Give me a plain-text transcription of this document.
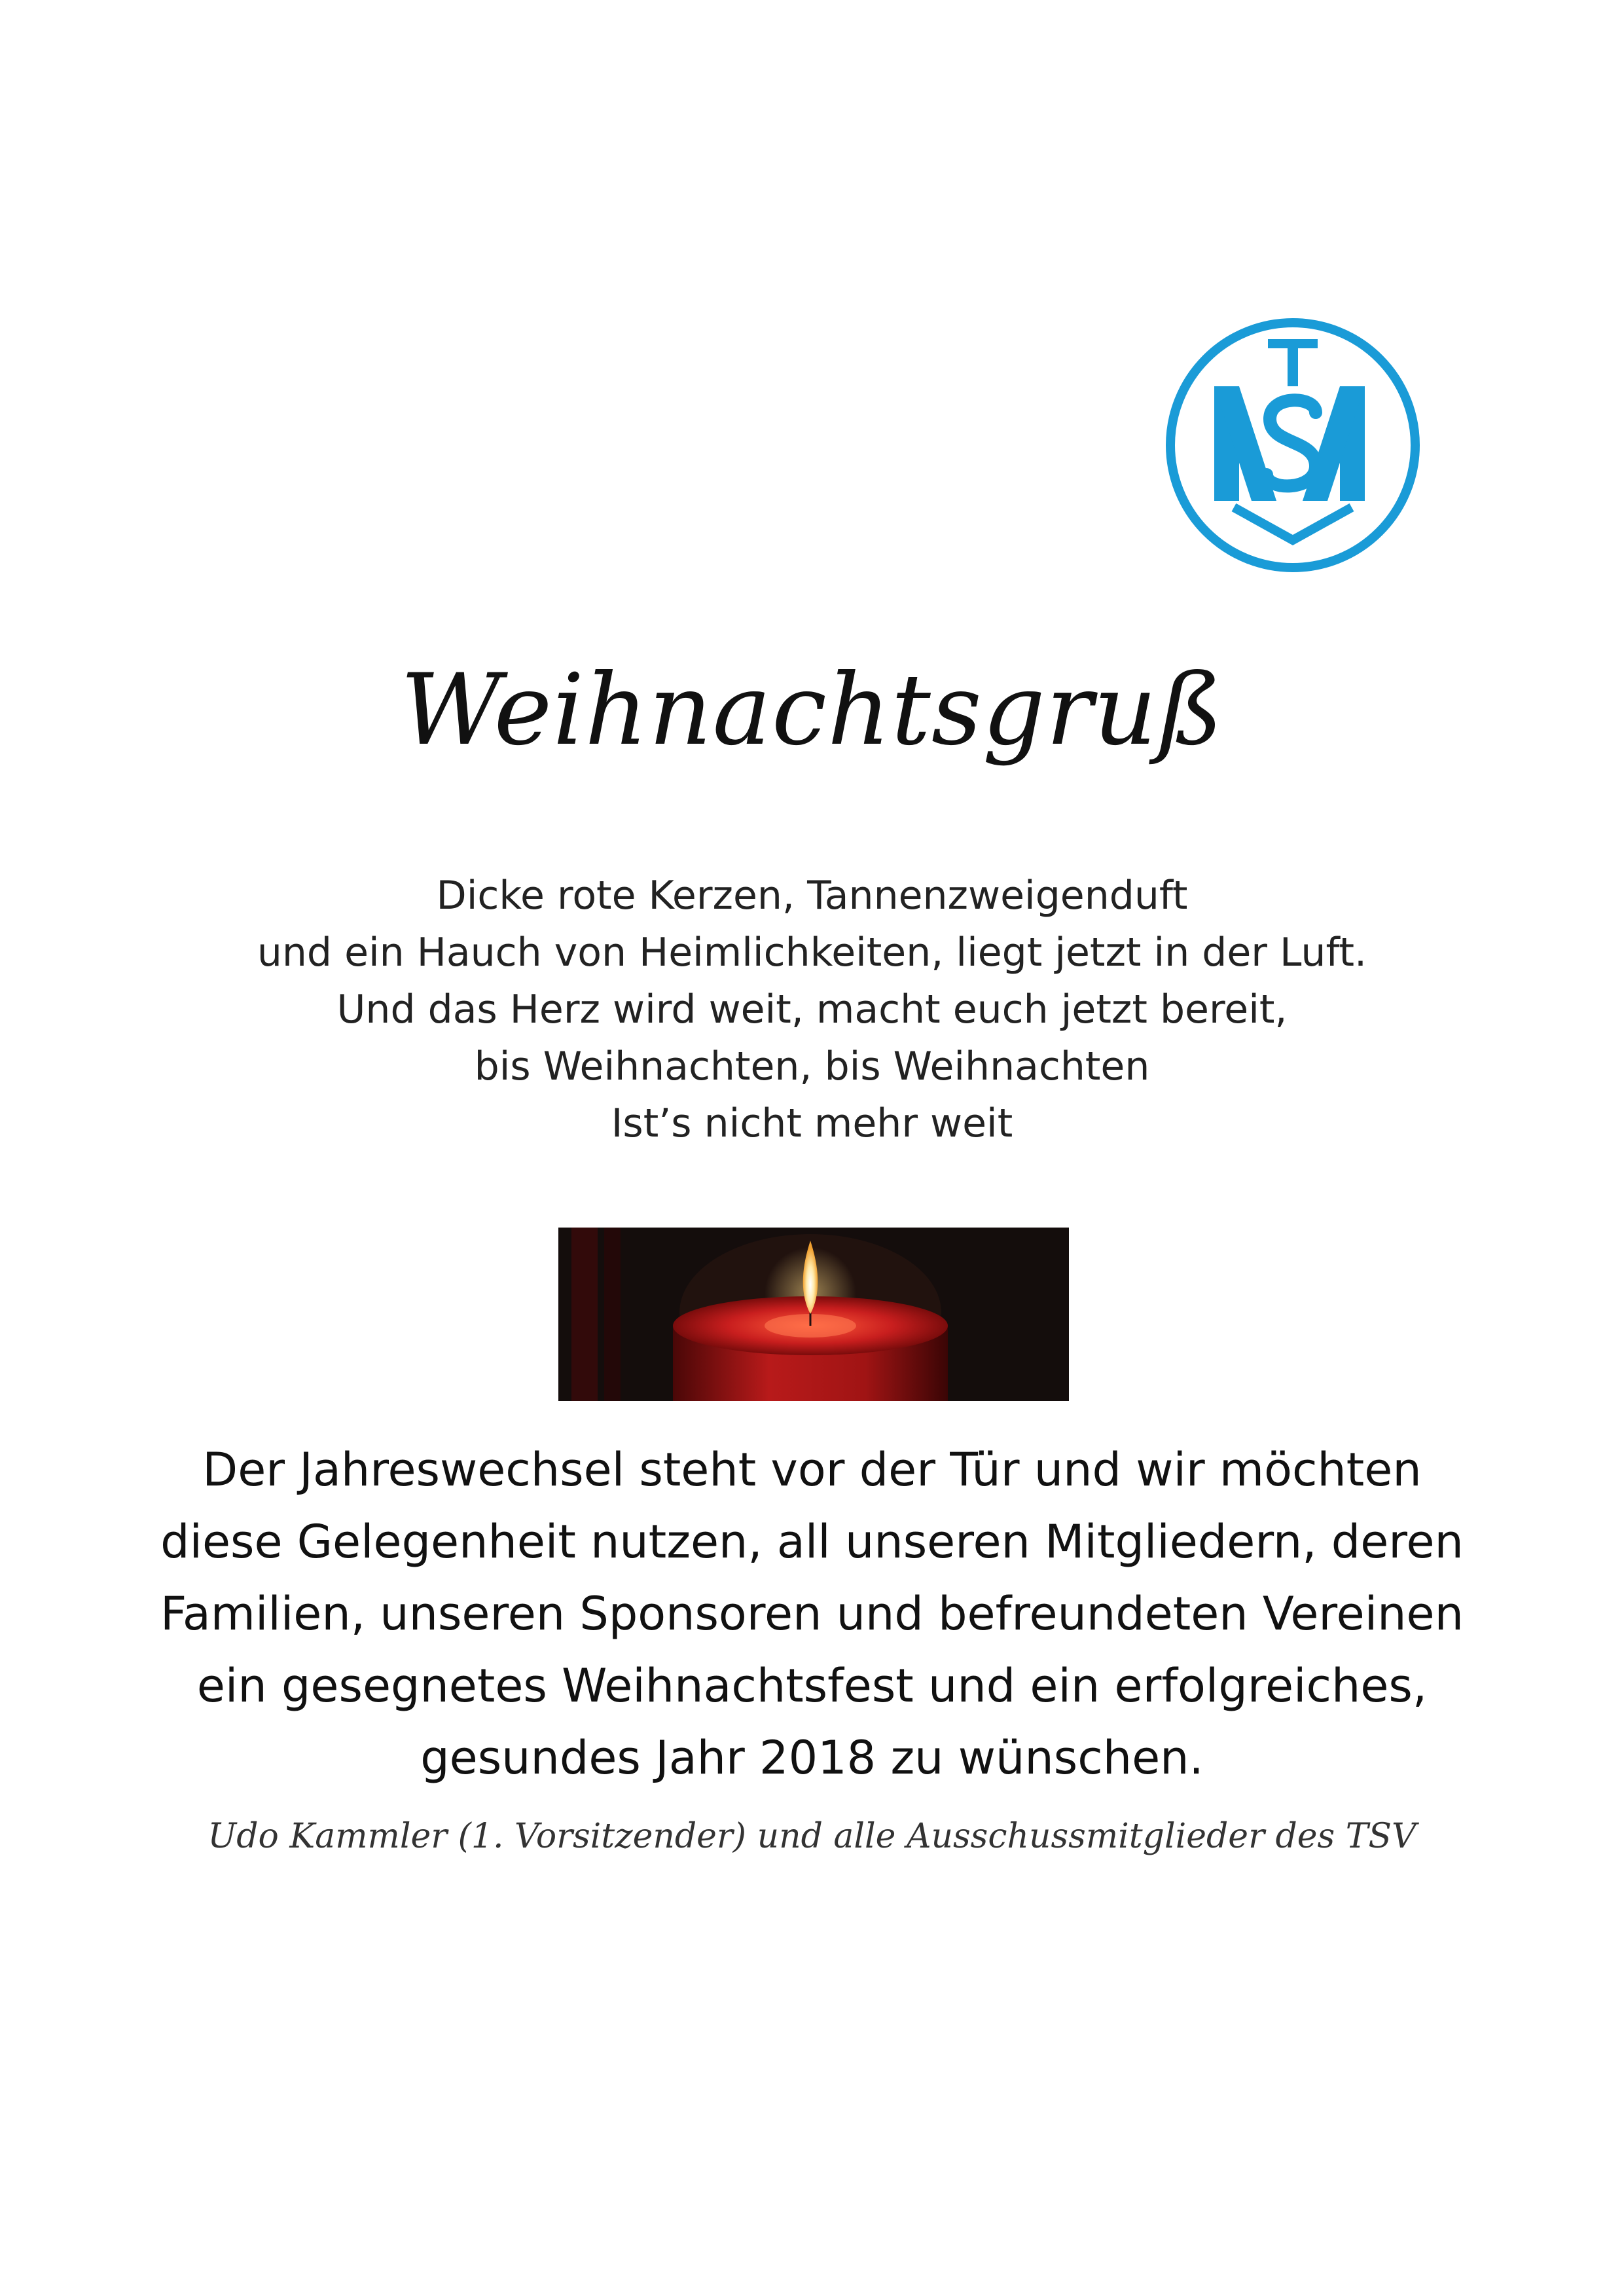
Weihnachtsgruß
Dicke rote Kerzen, Tannenzweigenduft
und ein Hauch von Heimlichkeiten, liegt jetzt in der Luft.
Und das Herz wird weit, macht euch jetzt bereit,
bis Weihnachten, bis Weihnachten
Ist’s nicht mehr weit
Der Jahreswechsel steht vor der Tür und wir möchten
diese Gelegenheit nutzen, all unseren Mitgliedern, deren
Familien, unseren Sponsoren und befreundeten Vereinen
ein gesegnetes Weihnachtsfest und ein erfolgreiches,
gesundes Jahr 2018 zu wünschen.
Udo Kammler (1. Vorsitzender) und alle Ausschussmitglieder des TSV
